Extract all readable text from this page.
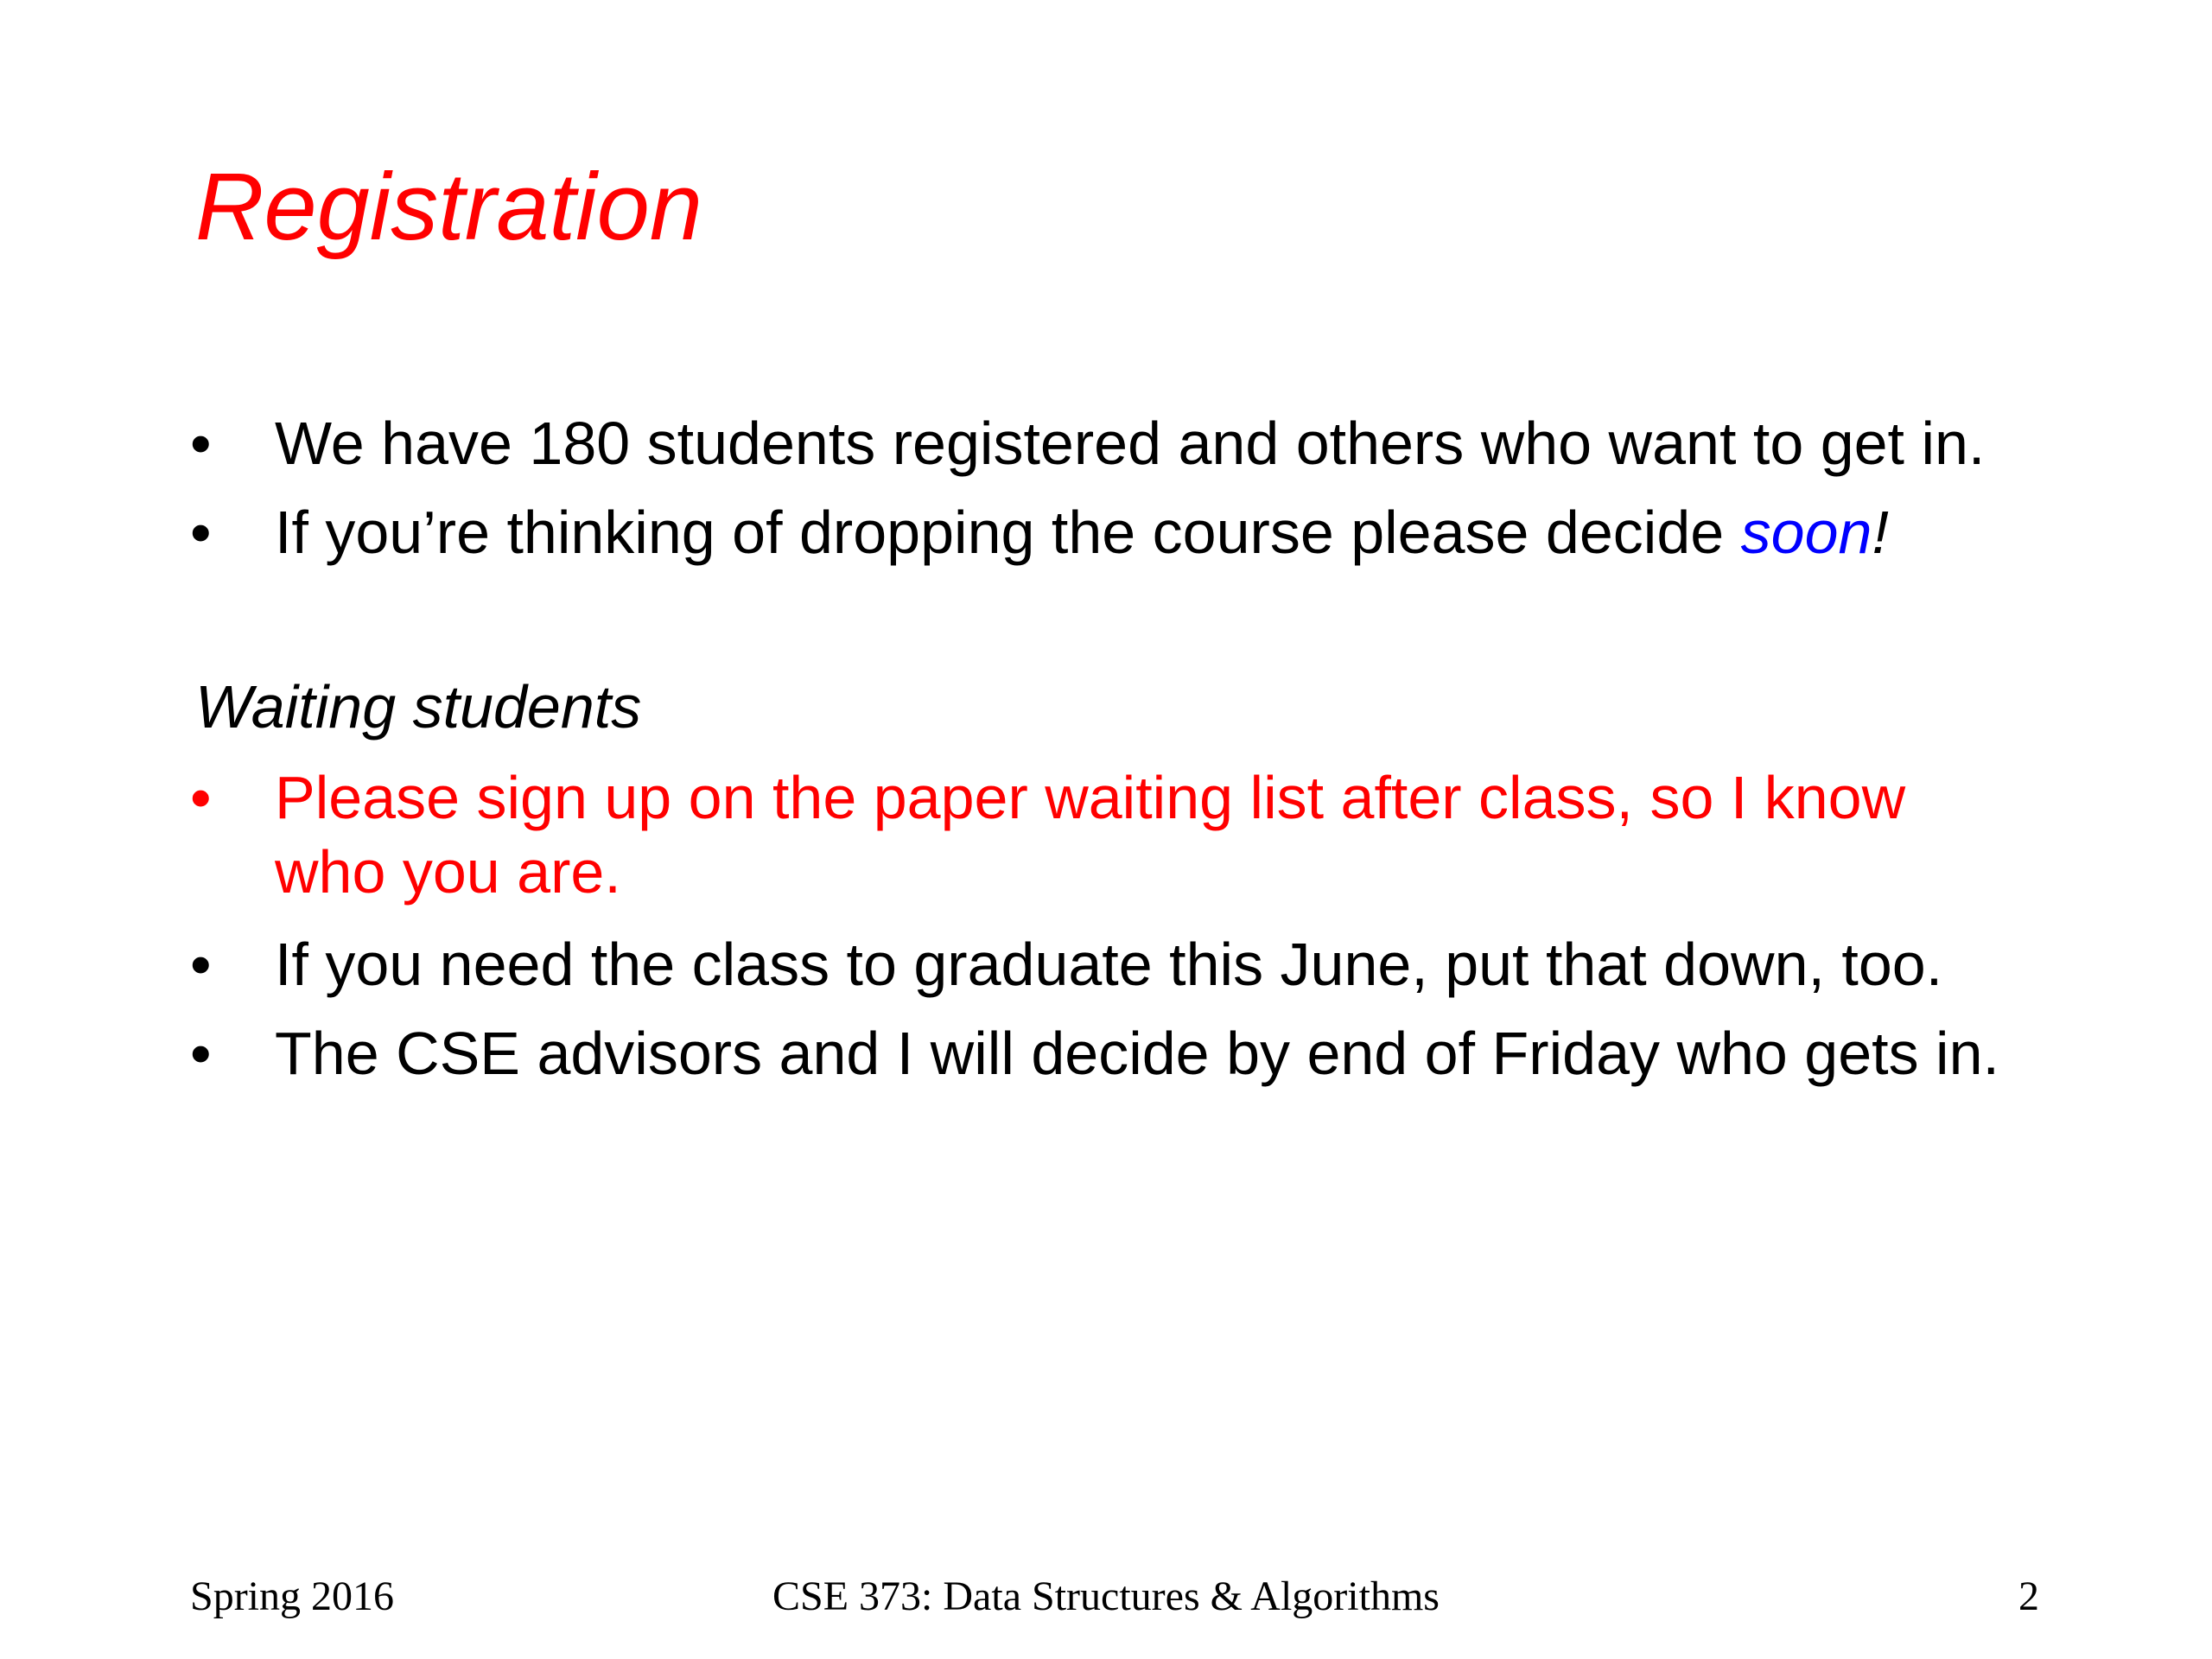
Registration
• We have 180 students registered and others who want to get in.
• If you’re thinking of dropping the course please decide soon!
Waiting students
• Please sign up on the paper waiting list after class, so I know
who you are.
• If you need the class to graduate this June, put that down, too.
• The CSE advisors and I will decide by end of Friday who gets in.
Spring 2016	CSE 373: Data Structures & Algorithms	2
